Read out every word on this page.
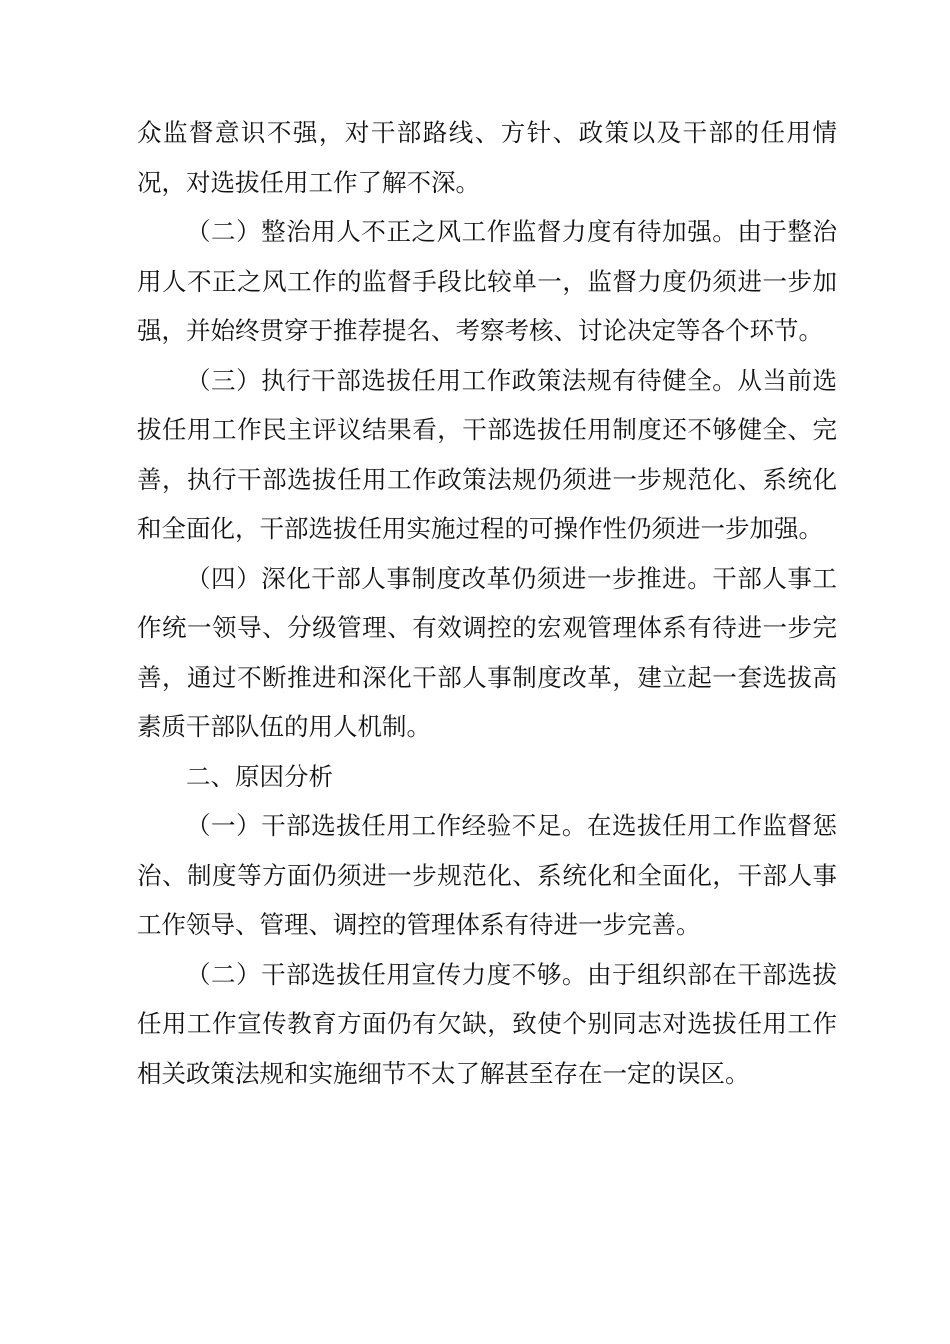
众监督意识不强，对干部路线、方针、政策以及干部的任用情况，对选拔任用工作了解不深。

（二）整治用人不正之风工作监督力度有待加强。由于整治用人不正之风工作的监督手段比较单一，监督力度仍须进一步加强，并始终贯穿于推荐提名、考察考核、讨论决定等各个环节。

（三）执行干部选拔任用工作政策法规有待健全。从当前选拔任用工作民主评议结果看，干部选拔任用制度还不够健全、完善，执行干部选拔任用工作政策法规仍须进一步规范化、系统化和全面化，干部选拔任用实施过程的可操作性仍须进一步加强。

（四）深化干部人事制度改革仍须进一步推进。干部人事工作统一领导、分级管理、有效调控的宏观管理体系有待进一步完善，通过不断推进和深化干部人事制度改革，建立起一套选拔高素质干部队伍的用人机制。

二、原因分析

（一）干部选拔任用工作经验不足。在选拔任用工作监督惩治、制度等方面仍须进一步规范化、系统化和全面化，干部人事工作领导、管理、调控的管理体系有待进一步完善。

（二）干部选拔任用宣传力度不够。由于组织部在干部选拔任用工作宣传教育方面仍有欠缺，致使个别同志对选拔任用工作相关政策法规和实施细节不太了解甚至存在一定的误区。
